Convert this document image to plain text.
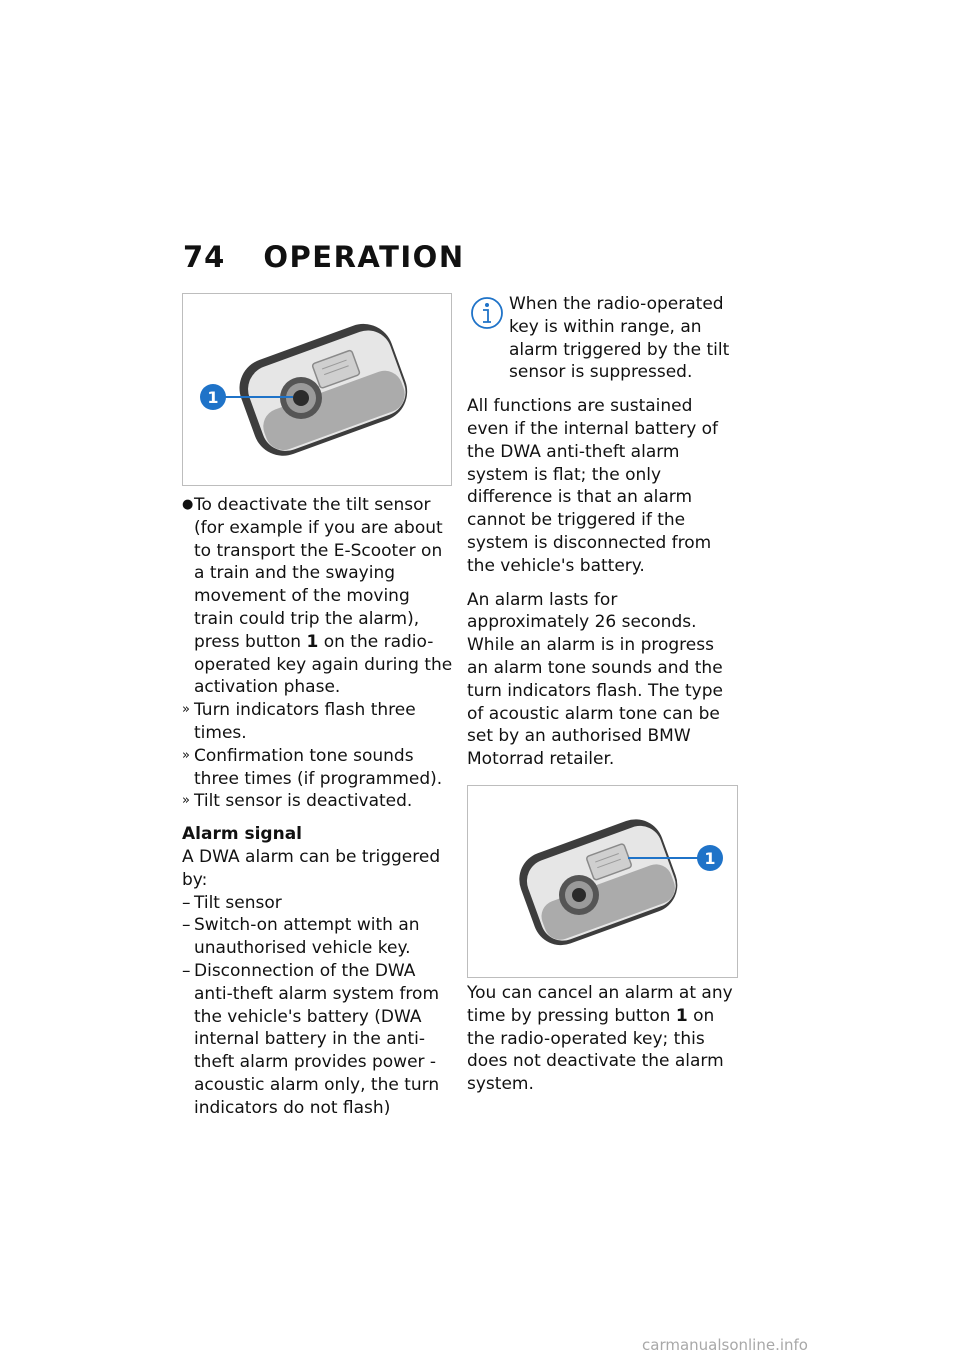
74 OPERATION
1
● To deactivate the tilt sensor (for example if you are about to transport the E-Scooter on a train and the swaying movement of the moving train could trip the alarm), press button 1 on the radio-operated key again during the activation phase.
» Turn indicators flash three times.
» Confirmation tone sounds three times (if programmed).
» Tilt sensor is deactivated.
Alarm signal

A DWA alarm can be triggered by:

– Tilt sensor
– Switch-on attempt with an unauthorised vehicle key.
– Disconnection of the DWA anti-theft alarm system from the vehicle's battery (DWA internal battery in the anti-theft alarm provides power - acoustic alarm only, the turn indicators do not flash)

When the radio-operated key is within range, an alarm triggered by the tilt sensor is suppressed.

All functions are sustained even if the internal battery of the DWA anti-theft alarm system is flat; the only difference is that an alarm cannot be triggered if the system is disconnected from the vehicle's battery.

An alarm lasts for approximately 26 seconds. While an alarm is in progress an alarm tone sounds and the turn indicators flash. The type of acoustic alarm tone can be set by an authorised BMW Motorrad retailer.

1

You can cancel an alarm at any time by pressing button 1 on the radio-operated key; this does not deactivate the alarm system.

carmanualsonline.info
